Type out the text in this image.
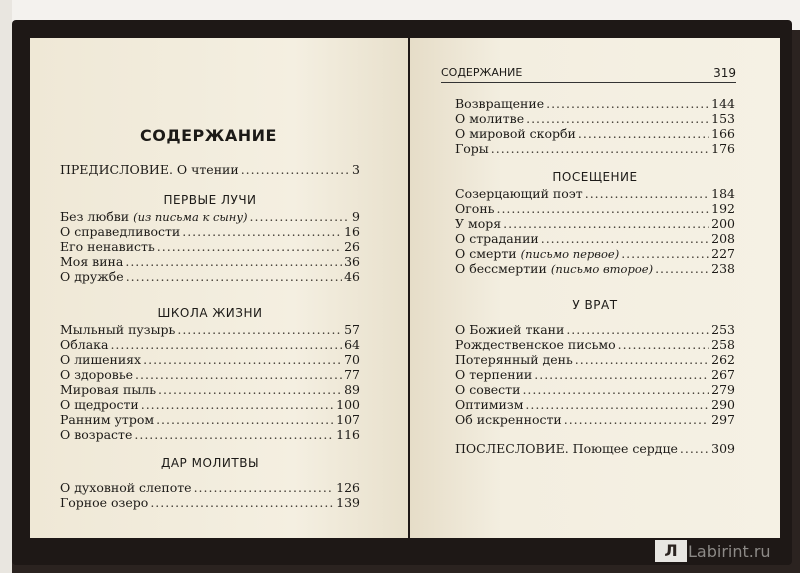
СОДЕРЖАНИЕ
ПРЕДИСЛОВИЕ. О чтении .....	3
ПЕРВЫЕ ЛУЧИ
Без любви (из письма к сыну) .....	9
О справедливости .....	16
Его ненависть .....	26
Моя вина .....	36
О дружбе .....	46
ШКОЛА ЖИЗНИ
Мыльный пузырь .....	57
Облака .....	64
О лишениях .....	70
О здоровье .....	77
Мировая пыль .....	89
О щедрости .....	100
Ранним утром .....	107
О возрасте .....	116
ДАР МОЛИТВЫ
О духовной слепоте .....	126
Горное озеро .....	139
СОДЕРЖАНИЕ	319
Возвращение .....	144
О молитве .....	153
О мировой скорби .....	166
Горы .....	176
ПОСЕЩЕНИЕ
Созерцающий поэт .....	184
Огонь .....	192
У моря .....	200
О страдании .....	208
О смерти (письмо первое) .....	227
О бессмертии (письмо второе) .....	238
У ВРАТ
О Божией ткани .....	253
Рождественское письмо .....	258
Потерянный день .....	262
О терпении .....	267
О совести .....	279
Оптимизм .....	290
Об искренности .....	297
ПОСЛЕСЛОВИЕ. Поющее сердце .....	309
Л Labirint.ru
